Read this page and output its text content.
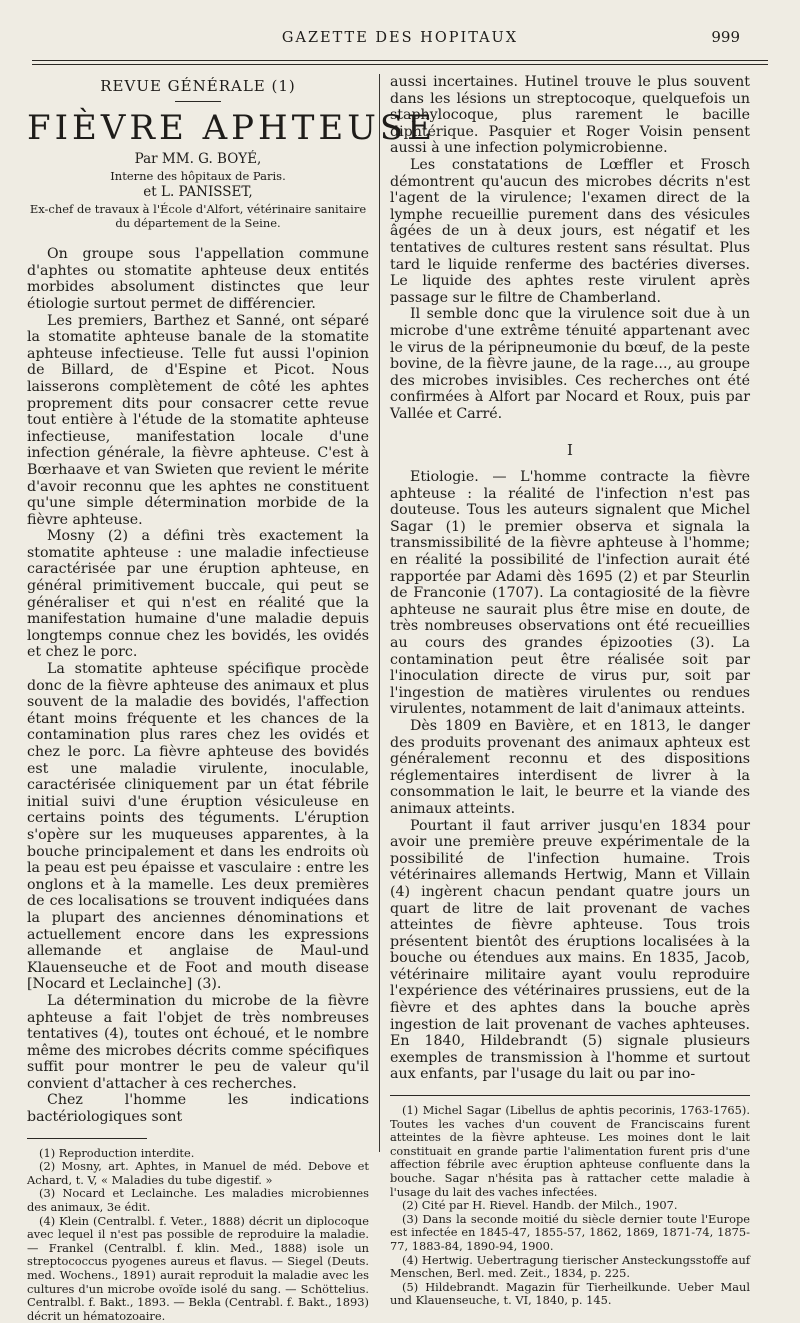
GAZETTE DES HOPITAUX	999
REVUE GÉNÉRALE (1)
FIÈVRE APHTEUSE
Par MM. G. BOYÉ,
Interne des hôpitaux de Paris.
et L. PANISSET,
Ex-chef de travaux à l'École d'Alfort, vétérinaire sanitaire
du département de la Seine.

On groupe sous l'appellation commune d'aphtes ou stomatite aphteuse deux entités morbides absolument distinctes que leur étiologie surtout permet de différencier.

Les premiers, Barthez et Sanné, ont séparé la stomatite aphteuse banale de la stomatite aphteuse infectieuse. Telle fut aussi l'opinion de Billard, de d'Espine et Picot. Nous laisserons complètement de côté les aphtes proprement dits pour consacrer cette revue tout entière à l'étude de la stomatite aphteuse infectieuse, manifestation locale d'une infection générale, la fièvre aphteuse. C'est à Bœrhaave et van Swieten que revient le mérite d'avoir reconnu que les aphtes ne constituent qu'une simple détermination morbide de la fièvre aphteuse.

Mosny (2) a défini très exactement la stomatite aphteuse : une maladie infectieuse caractérisée par une éruption aphteuse, en général primitivement buccale, qui peut se généraliser et qui n'est en réalité que la manifestation humaine d'une maladie depuis longtemps connue chez les bovidés, les ovidés et chez le porc.

La stomatite aphteuse spécifique procède donc de la fièvre aphteuse des animaux et plus souvent de la maladie des bovidés, l'affection étant moins fréquente et les chances de la contamination plus rares chez les ovidés et chez le porc. La fièvre aphteuse des bovidés est une maladie virulente, inoculable, caractérisée cliniquement par un état fébrile initial suivi d'une éruption vésiculeuse en certains points des téguments. L'éruption s'opère sur les muqueuses apparentes, à la bouche principalement et dans les endroits où la peau est peu épaisse et vasculaire : entre les onglons et à la mamelle. Les deux premières de ces localisations se trouvent indiquées dans la plupart des anciennes dénominations et actuellement encore dans les expressions allemande et anglaise de Maul-und Klauenseuche et de Foot and mouth disease [Nocard et Leclainche] (3).

La détermination du microbe de la fièvre aphteuse a fait l'objet de très nombreuses tentatives (4), toutes ont échoué, et le nombre même des microbes décrits comme spécifiques suffit pour montrer le peu de valeur qu'il convient d'attacher à ces recherches.

Chez l'homme les indications bactériologiques sont

(1) Reproduction interdite.
(2) Mosny, art. Aphtes, in Manuel de méd. Debove et Achard, t. V, « Maladies du tube digestif. »
(3) Nocard et Leclainche. Les maladies microbiennes des animaux, 3e édit.
(4) Klein (Centralbl. f. Veter., 1888) décrit un diplocoque avec lequel il n'est pas possible de reproduire la maladie. — Frankel (Centralbl. f. klin. Med., 1888) isole un streptococcus pyogenes aureus et flavus. — Siegel (Deuts. med. Wochens., 1891) aurait reproduit la maladie avec les cultures d'un microbe ovoïde isolé du sang. — Schöttelius. Centralbl. f. Bakt., 1893. — Bekla (Centrabl. f. Bakt., 1893) décrit un hématozoaire.

aussi incertaines. Hutinel trouve le plus souvent dans les lésions un streptocoque, quelquefois un staphylocoque, plus rarement le bacille diphtérique. Pasquier et Roger Voisin pensent aussi à une infection polymicrobienne.

Les constatations de Lœffler et Frosch démontrent qu'aucun des microbes décrits n'est l'agent de la virulence; l'examen direct de la lymphe recueillie purement dans des vésicules âgées de un à deux jours, est négatif et les tentatives de cultures restent sans résultat. Plus tard le liquide renferme des bactéries diverses. Le liquide des aphtes reste virulent après passage sur le filtre de Chamberland.

Il semble donc que la virulence soit due à un microbe d'une extrême ténuité appartenant avec le virus de la péripneumonie du bœuf, de la peste bovine, de la fièvre jaune, de la rage..., au groupe des microbes invisibles. Ces recherches ont été confirmées à Alfort par Nocard et Roux, puis par Vallée et Carré.

I

Etiologie. — L'homme contracte la fièvre aphteuse : la réalité de l'infection n'est pas douteuse. Tous les auteurs signalent que Michel Sagar (1) le premier observa et signala la transmissibilité de la fièvre aphteuse à l'homme; en réalité la possibilité de l'infection aurait été rapportée par Adami dès 1695 (2) et par Steurlin de Franconie (1707). La contagiosité de la fièvre aphteuse ne saurait plus être mise en doute, de très nombreuses observations ont été recueillies au cours des grandes épizooties (3). La contamination peut être réalisée soit par l'inoculation directe de virus pur, soit par l'ingestion de matières virulentes ou rendues virulentes, notamment de lait d'animaux atteints.

Dès 1809 en Bavière, et en 1813, le danger des produits provenant des animaux aphteux est généralement reconnu et des dispositions réglementaires interdisent de livrer à la consommation le lait, le beurre et la viande des animaux atteints.

Pourtant il faut arriver jusqu'en 1834 pour avoir une première preuve expérimentale de la possibilité de l'infection humaine. Trois vétérinaires allemands Hertwig, Mann et Villain (4) ingèrent chacun pendant quatre jours un quart de litre de lait provenant de vaches atteintes de fièvre aphteuse. Tous trois présentent bientôt des éruptions localisées à la bouche ou étendues aux mains. En 1835, Jacob, vétérinaire militaire ayant voulu reproduire l'expérience des vétérinaires prussiens, eut de la fièvre et des aphtes dans la bouche après ingestion de lait provenant de vaches aphteuses. En 1840, Hildebrandt (5) signale plusieurs exemples de transmission à l'homme et surtout aux enfants, par l'usage du lait ou par ino-

(1) Michel Sagar (Libellus de aphtis pecorinis, 1763-1765). Toutes les vaches d'un couvent de Franciscains furent atteintes de la fièvre aphteuse. Les moines dont le lait constituait en grande partie l'alimentation furent pris d'une affection fébrile avec éruption aphteuse confluente dans la bouche. Sagar n'hésita pas à rattacher cette maladie à l'usage du lait des vaches infectées.
(2) Cité par H. Rievel. Handb. der Milch., 1907.
(3) Dans la seconde moitié du siècle dernier toute l'Europe est infectée en 1845-47, 1855-57, 1862, 1869, 1871-74, 1875-77, 1883-84, 1890-94, 1900.
(4) Hertwig. Uebertragung tierischer Ansteckungsstoffe auf Menschen, Berl. med. Zeit., 1834, p. 225.
(5) Hildebrandt. Magazin für Tierheilkunde. Ueber Maul und Klauenseuche, t. VI, 1840, p. 145.
